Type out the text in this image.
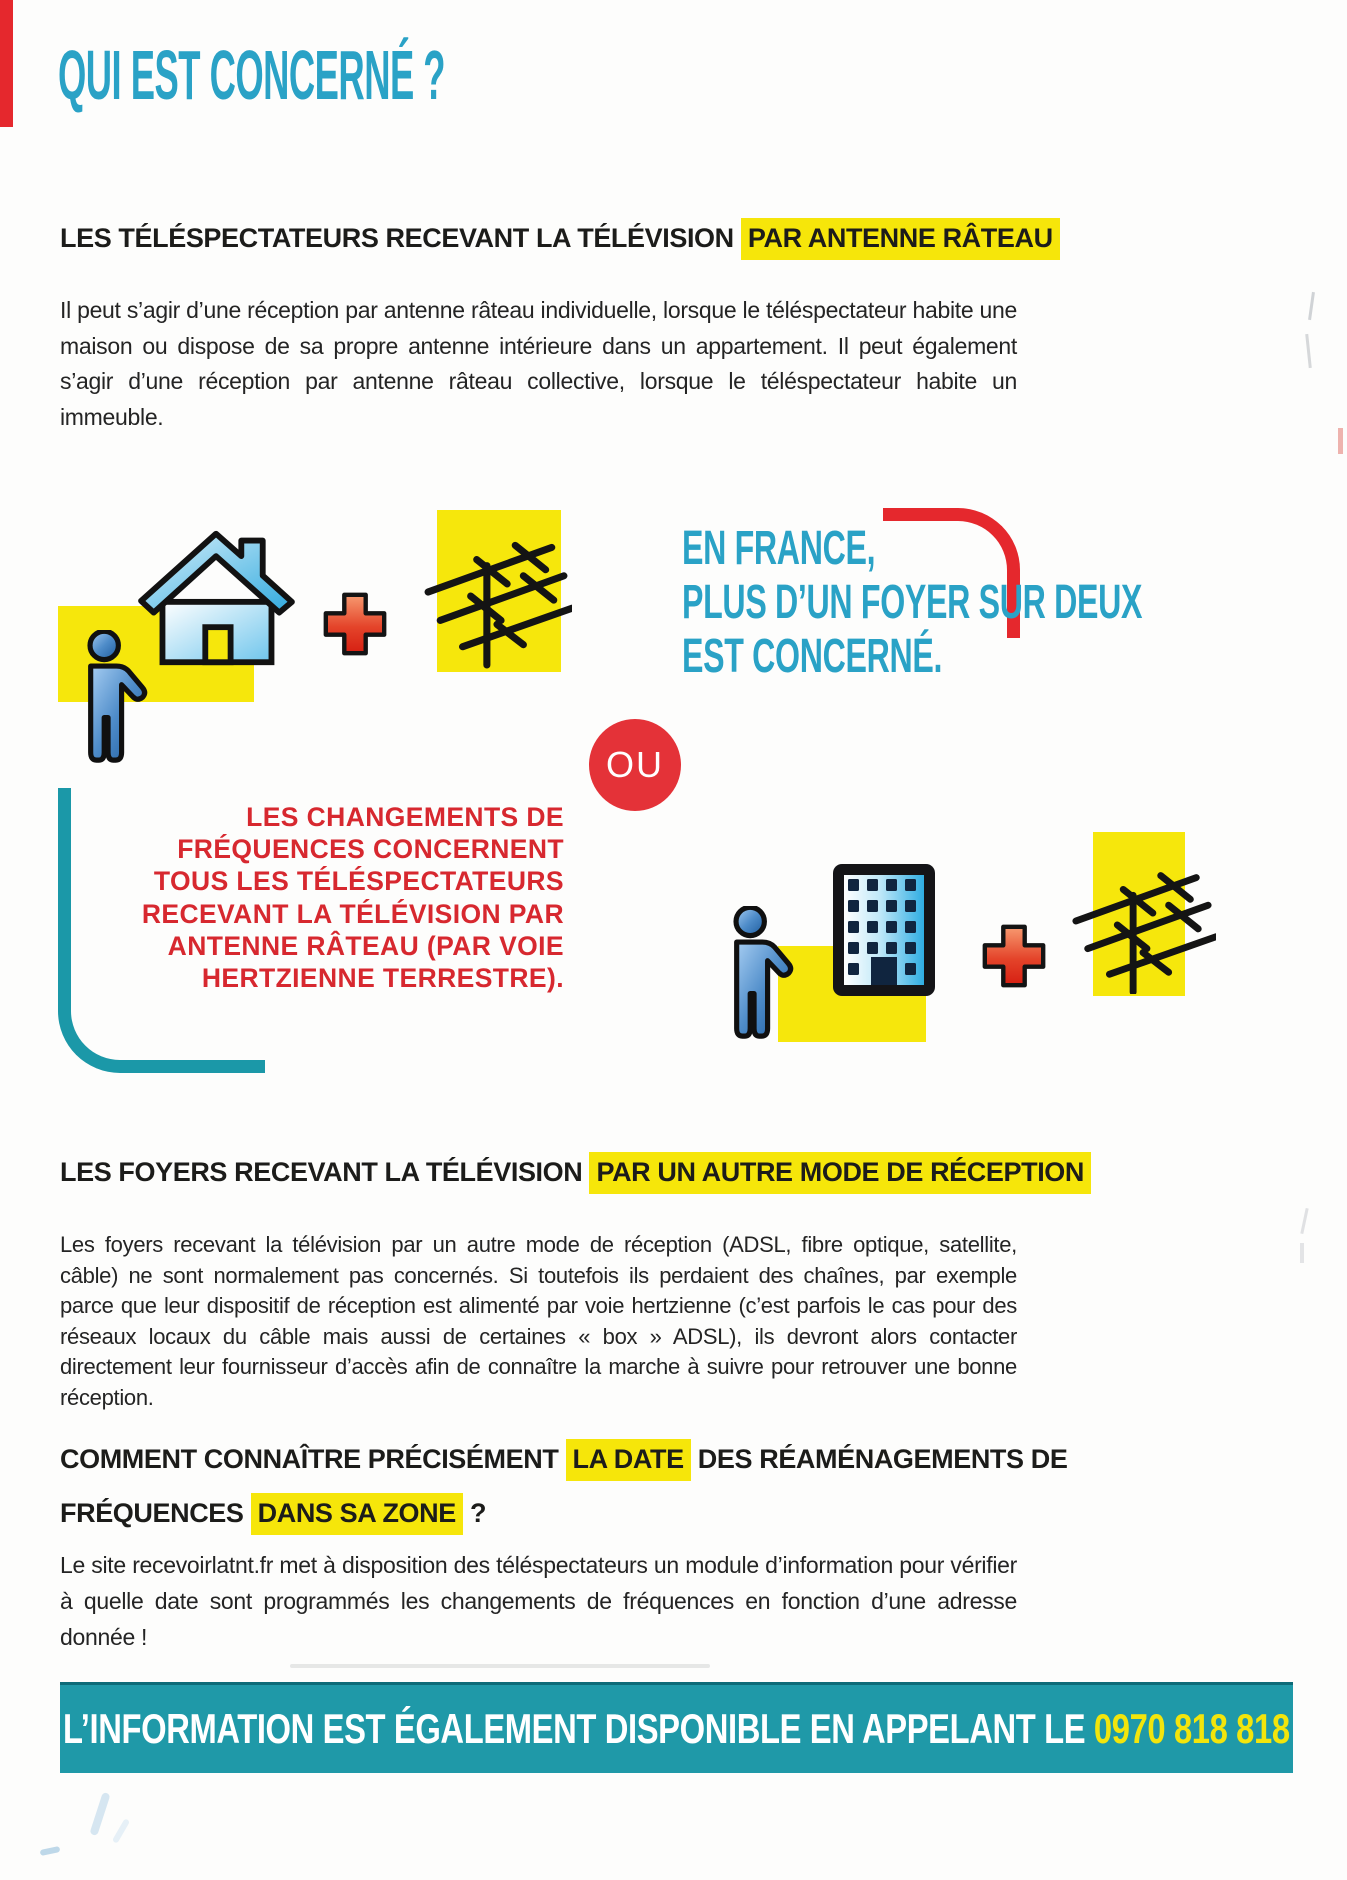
QUI EST CONCERNÉ ?
LES TÉLÉSPECTATEURS RECEVANT LA TÉLÉVISION PAR ANTENNE RÂTEAU

Il peut s’agir d’une réception par antenne râteau individuelle, lorsque le téléspectateur habite une maison ou dispose de sa propre antenne intérieure dans un appartement. Il peut également s’agir d’une réception par antenne râteau collective, lorsque le téléspectateur habite un immeuble.

EN FRANCE,
PLUS D’UN FOYER SUR DEUX
EST CONCERNÉ.
OU
LES CHANGEMENTS DE
FRÉQUENCES CONCERNENT
TOUS LES TÉLÉSPECTATEURS
RECEVANT LA TÉLÉVISION PAR
ANTENNE RÂTEAU (PAR VOIE
HERTZIENNE TERRESTRE).
LES FOYERS RECEVANT LA TÉLÉVISION PAR UN AUTRE MODE DE RÉCEPTION

Les foyers recevant la télévision par un autre mode de réception (ADSL, fibre optique, satellite, câble) ne sont normalement pas concernés. Si toutefois ils perdaient des chaînes, par exemple parce que leur dispositif de réception est alimenté par voie hertzienne (c’est parfois le cas pour des réseaux locaux du câble mais aussi de certaines « box » ADSL), ils devront alors contacter directement leur fournisseur d’accès afin de connaître la marche à suivre pour retrouver une bonne réception.

COMMENT CONNAÎTRE PRÉCISÉMENT LA DATE DES RÉAMÉNAGEMENTS DE
FRÉQUENCES DANS SA ZONE ?

Le site recevoirlatnt.fr met à disposition des téléspectateurs un module d’information pour vérifier à quelle date sont programmés les changements de fréquences en fonction d’une adresse donnée !

L’INFORMATION EST ÉGALEMENT DISPONIBLE EN APPELANT LE 0970 818 818
